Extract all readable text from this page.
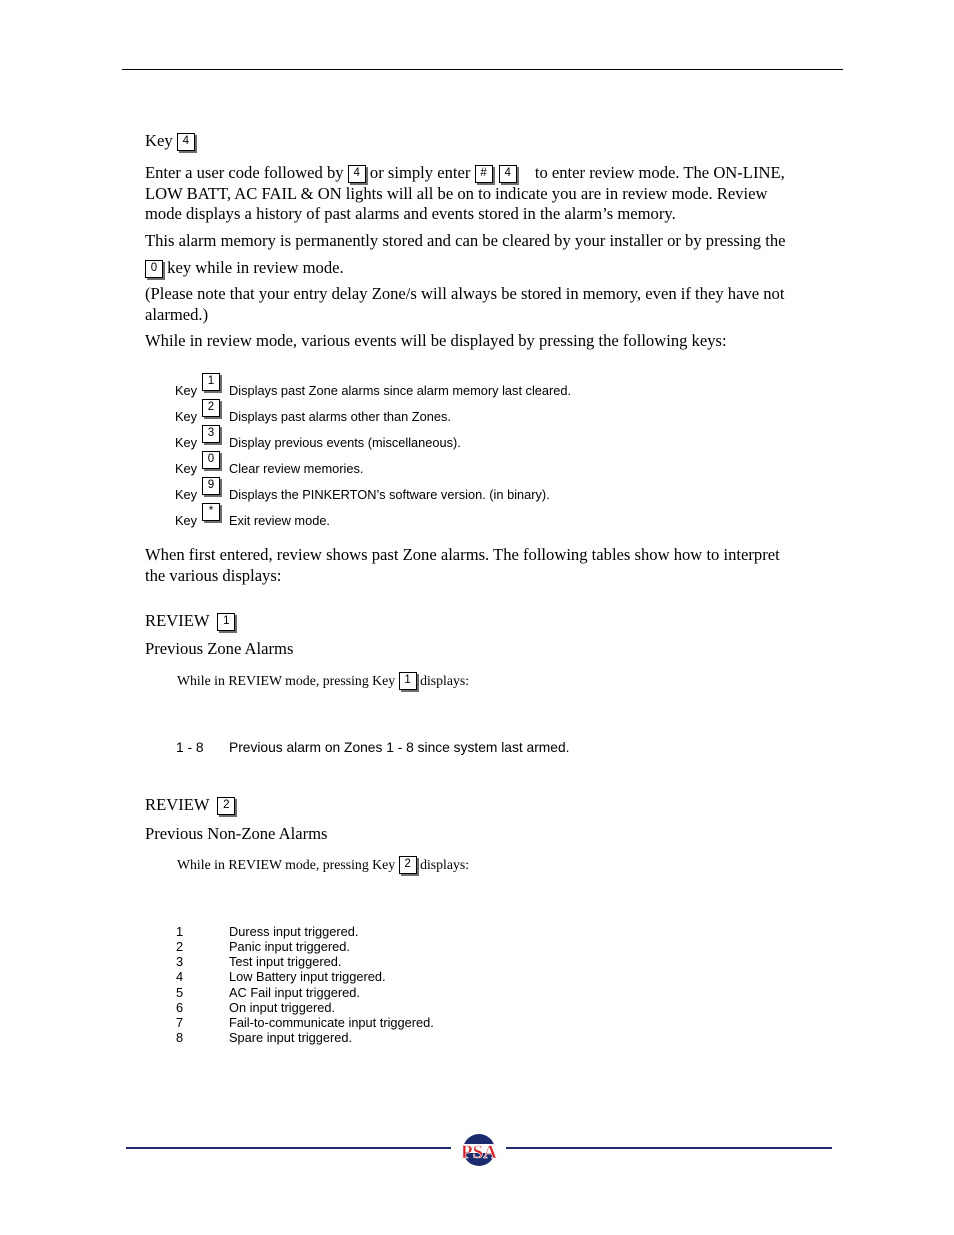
Key 4
Enter a user code followed by 4 or simply enter # 4 to enter review mode. The ON-LINE,
LOW BATT, AC FAIL & ON lights will all be on to indicate you are in review mode. Review
mode displays a history of past alarms and events stored in the alarm’s memory.
This alarm memory is permanently stored and can be cleared by your installer or by pressing the
0 key while in review mode.
(Please note that your entry delay Zone/s will always be stored in memory, even if they have not
alarmed.)
While in review mode, various events will be displayed by pressing the following keys:
Key
1
Displays past Zone alarms since alarm memory last cleared.
Key
2
Displays past alarms other than Zones.
Key
3
Display previous events (miscellaneous).
Key
0
Clear review memories.
Key
9
Displays the PINKERTON’s software version. (in binary).
Key
*
Exit review mode.
When first entered, review shows past Zone alarms. The following tables show how to interpret
the various displays:
REVIEW 1
Previous Zone Alarms
While in REVIEW mode, pressing Key 1 displays:
1 - 8 Previous alarm on Zones 1 - 8 since system last armed.
REVIEW 2
Previous Non-Zone Alarms
While in REVIEW mode, pressing Key 2 displays:
1	Duress input triggered.
2	Panic input triggered.
3	Test input triggered.
4	Low Battery input triggered.
5	AC Fail input triggered.
6	On input triggered.
7	Fail-to-communicate input triggered.
8	Spare input triggered.
PSA
